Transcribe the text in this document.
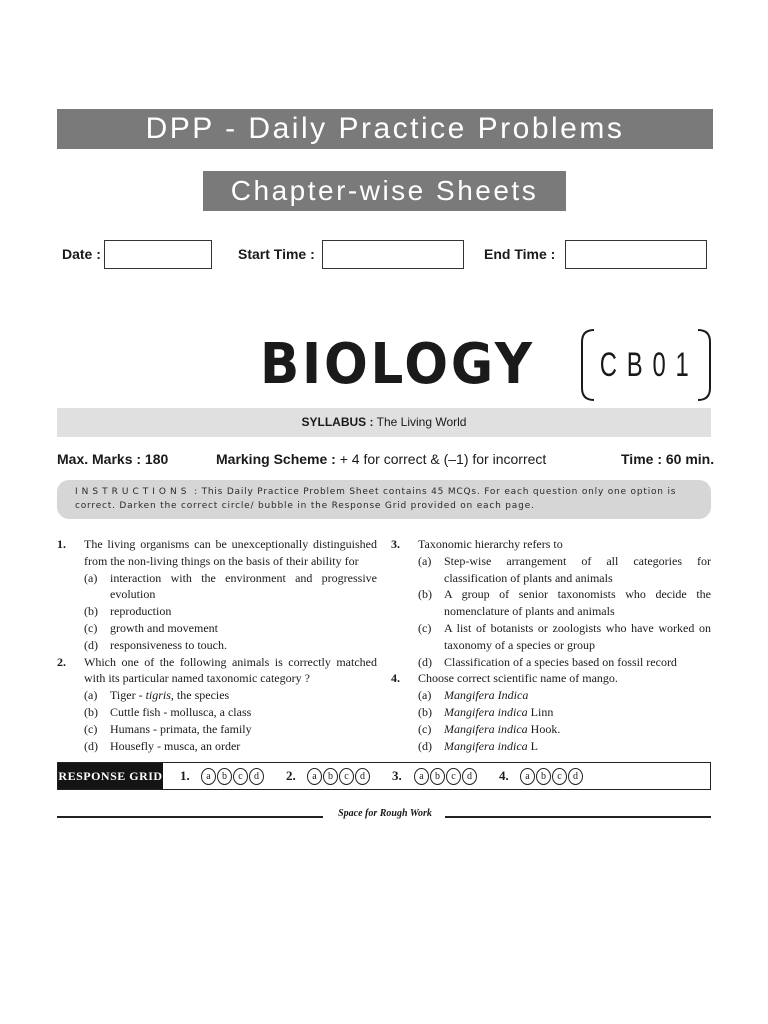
DPP - Daily Practice Problems
Chapter-wise Sheets
Date :	Start Time :	End Time :
BIOLOGY CB01
SYLLABUS : The Living World
Max. Marks : 180	Marking Scheme : + 4 for correct & (–1) for incorrect	Time : 60 min.
INSTRUCTIONS : This Daily Practice Problem Sheet contains 45 MCQs. For each question only one option is correct. Darken the correct circle/ bubble in the Response Grid provided on each page.
1. The living organisms can be unexceptionally distinguished from the non-living things on the basis of their ability for
(a) interaction with the environment and progressive evolution
(b) reproduction
(c) growth and movement
(d) responsiveness to touch.
2. Which one of the following animals is correctly matched with its particular named taxonomic category ?
(a) Tiger - tigris, the species
(b) Cuttle fish - mollusca, a class
(c) Humans - primata, the family
(d) Housefly - musca, an order
3. Taxonomic hierarchy refers to
(a) Step-wise arrangement of all categories for classification of plants and animals
(b) A group of senior taxonomists who decide the nomenclature of plants and animals
(c) A list of botanists or zoologists who have worked on taxonomy of a species or group
(d) Classification of a species based on fossil record
4. Choose correct scientific name of mango.
(a) Mangifera Indica
(b) Mangifera indica Linn
(c) Mangifera indica Hook.
(d) Mangifera indica L
RESPONSE GRID 1.	a	b	c	d	2.	a	b	c	d	3.	a	b	c	d	4.	a	b	c	d
Space for Rough Work
